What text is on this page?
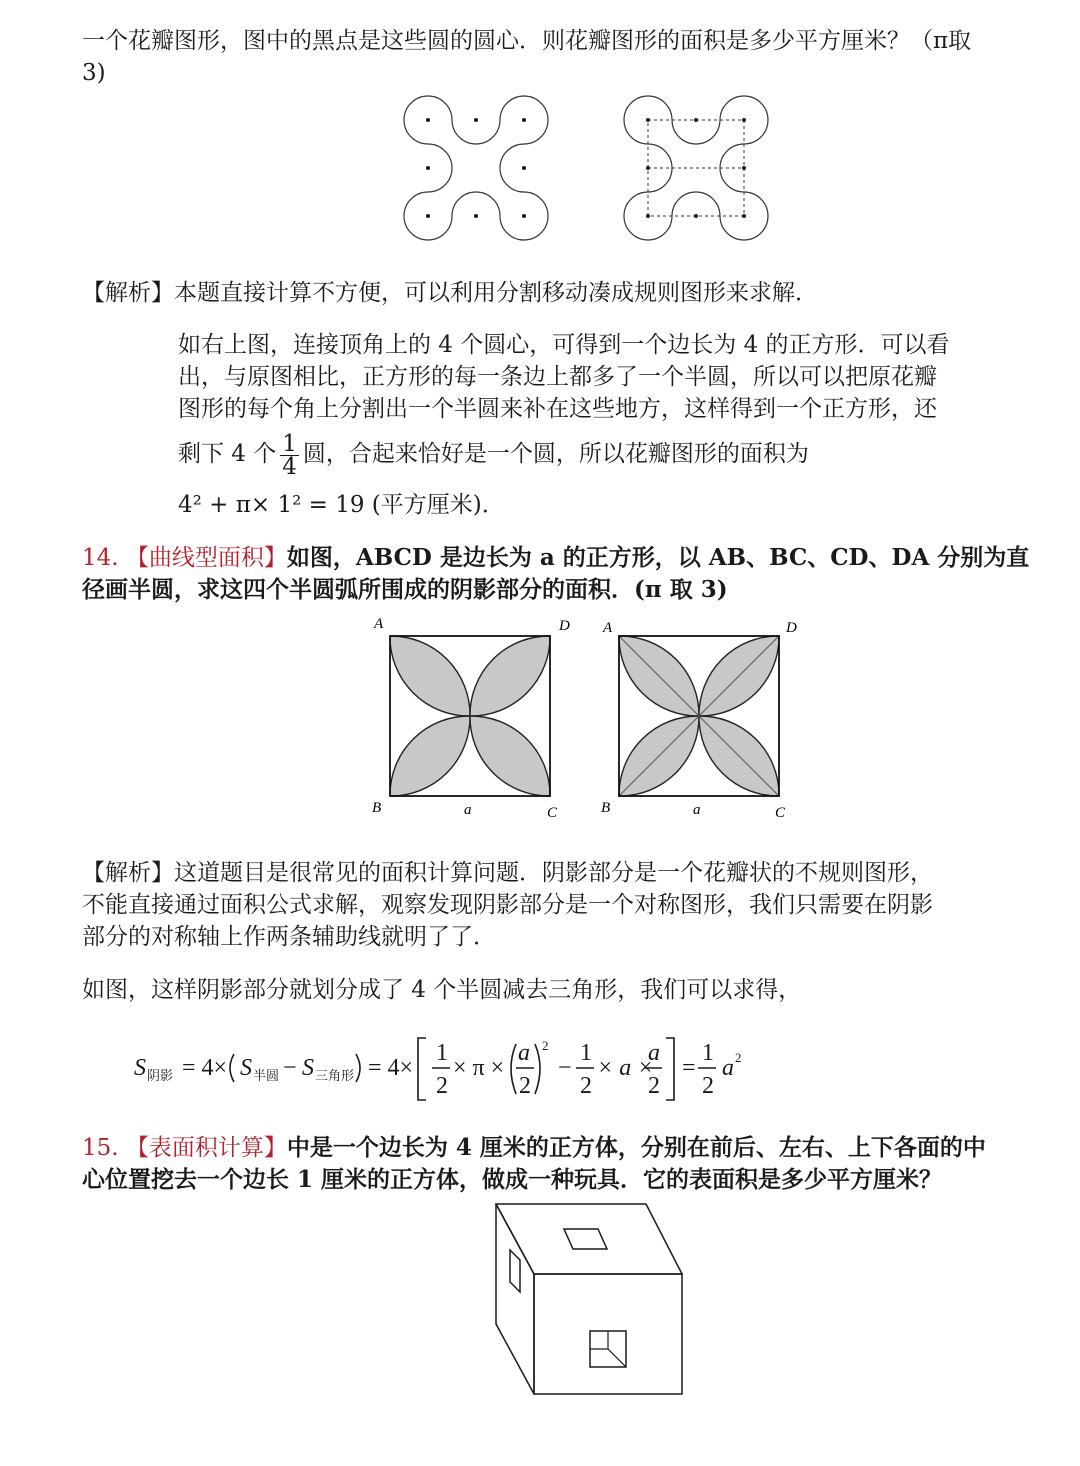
一个花瓣图形，图中的黑点是这些圆的圆心．则花瓣图形的面积是多少平方厘米？（π取
3)
【解析】本题直接计算不方便，可以利用分割移动凑成规则图形来求解．
如右上图，连接顶角上的 4 个圆心，可得到一个边长为 4 的正方形．可以看
出，与原图相比，正方形的每一条边上都多了一个半圆，所以可以把原花瓣
图形的每个角上分割出一个半圆来补在这些地方，这样得到一个正方形，还
剩下 4 个 $\frac{1}{4}$ 圆，合起来恰好是一个圆，所以花瓣图形的面积为
4² + π× 1² = 19 (平方厘米)．
14. 【曲线型面积】如图，ABCD 是边长为 a 的正方形，以 AB、BC、CD、DA 分别为直
径画半圆，求这四个半圆弧所围成的阴影部分的面积．(π 取 3)
A	D
B	C
a
A	D
B	C
a
【解析】这道题目是很常见的面积计算问题．阴影部分是一个花瓣状的不规则图形，
不能直接通过面积公式求解，观察发现阴影部分是一个对称图形，我们只需要在阴影
部分的对称轴上作两条辅助线就明了了．
如图，这样阴影部分就划分成了 4 个半圆减去三角形，我们可以求得，
S 阴影 = 4× S 半圆 − S 三角形 = 4×
1
2
× π ×
a
2
2
−
1
2
× a ×
a
2
=
1
2
a 2
15. 【表面积计算】中是一个边长为 4 厘米的正方体，分别在前后、左右、上下各面的中
心位置挖去一个边长 1 厘米的正方体，做成一种玩具．它的表面积是多少平方厘米？
